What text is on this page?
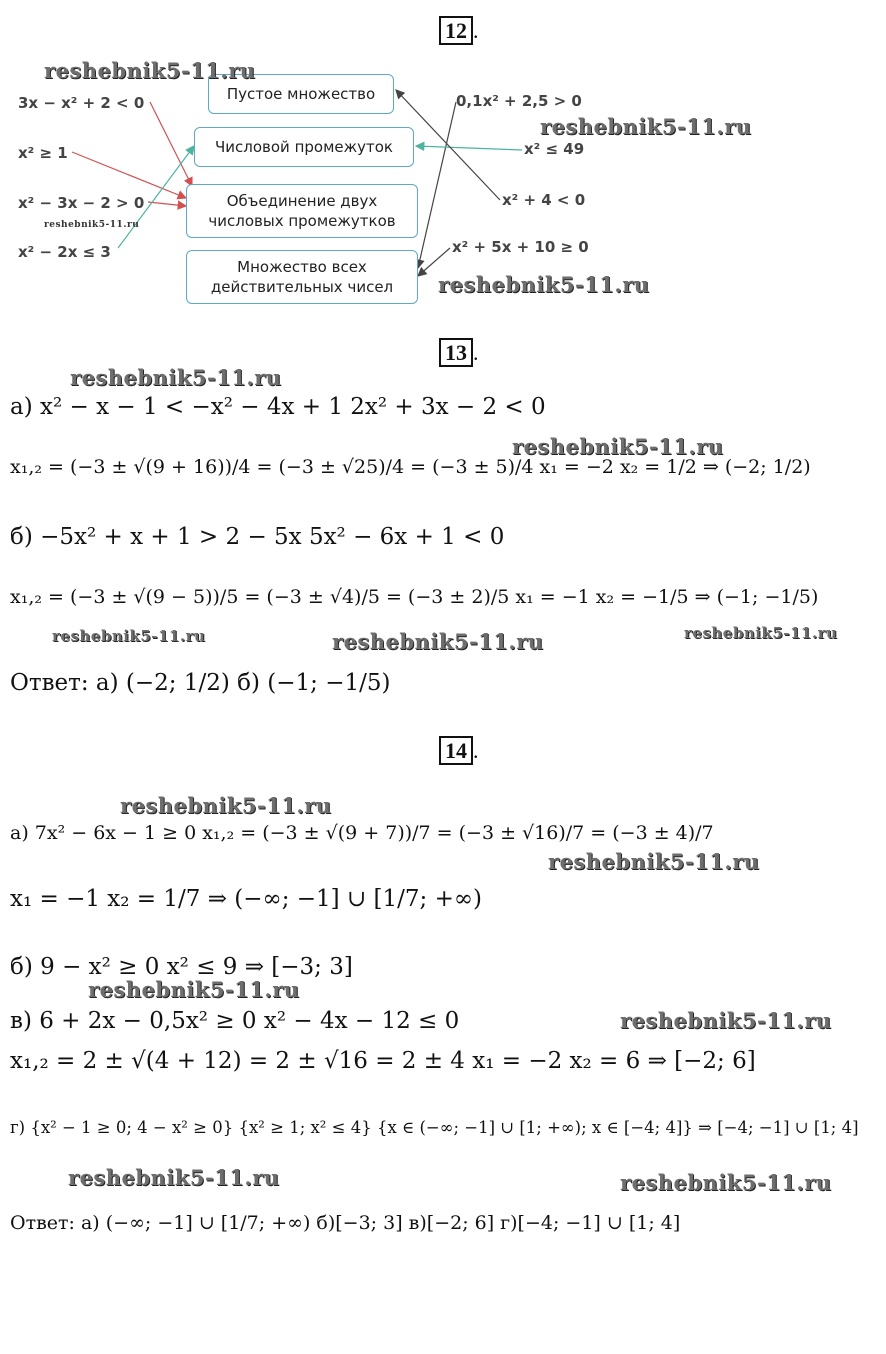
12 .
Пустое множество
Числовой промежуток
Объединение двух числовых промежутков
Множество всех действительных чисел
3x − x² + 2 < 0
x² ≥ 1
x² − 3x − 2 > 0
x² − 2x ≤ 3
0,1x² + 2,5 > 0
x² ≤ 49
x² + 4 < 0
x² + 5x + 10 ≥ 0
reshebnik5-11.ru
reshebnik5-11.ru
reshebnik5-11.ru
reshebnik5-11.ru
13 .
reshebnik5-11.ru
а) x² − x − 1 < −x² − 4x + 1 2x² + 3x − 2 < 0
x₁,₂ = (−3 ± √(9 + 16))/4 = (−3 ± √25)/4 = (−3 ± 5)/4 x₁ = −2 x₂ = 1/2 ⇒ (−2; 1/2)
reshebnik5-11.ru
б) −5x² + x + 1 > 2 − 5x 5x² − 6x + 1 < 0
x₁,₂ = (−3 ± √(9 − 5))/5 = (−3 ± √4)/5 = (−3 ± 2)/5 x₁ = −1 x₂ = −1/5 ⇒ (−1; −1/5)
reshebnik5-11.ru	reshebnik5-11.ru	reshebnik5-11.ru
Ответ: а) (−2; 1/2) б) (−1; −1/5)
14 .
reshebnik5-11.ru
а) 7x² − 6x − 1 ≥ 0 x₁,₂ = (−3 ± √(9 + 7))/7 = (−3 ± √16)/7 = (−3 ± 4)/7
reshebnik5-11.ru
x₁ = −1 x₂ = 1/7 ⇒ (−∞; −1] ∪ [1/7; +∞)
б) 9 − x² ≥ 0 x² ≤ 9 ⇒ [−3; 3]
reshebnik5-11.ru
в) 6 + 2x − 0,5x² ≥ 0 x² − 4x − 12 ≤ 0	reshebnik5-11.ru
x₁,₂ = 2 ± √(4 + 12) = 2 ± √16 = 2 ± 4 x₁ = −2 x₂ = 6 ⇒ [−2; 6]
г) {x² − 1 ≥ 0; 4 − x² ≥ 0} {x² ≥ 1; x² ≤ 4} {x ∈ (−∞; −1] ∪ [1; +∞); x ∈ [−4; 4]} ⇒ [−4; −1] ∪ [1; 4]
reshebnik5-11.ru	reshebnik5-11.ru
Ответ: а) (−∞; −1] ∪ [1/7; +∞) б)[−3; 3] в)[−2; 6] г)[−4; −1] ∪ [1; 4]
